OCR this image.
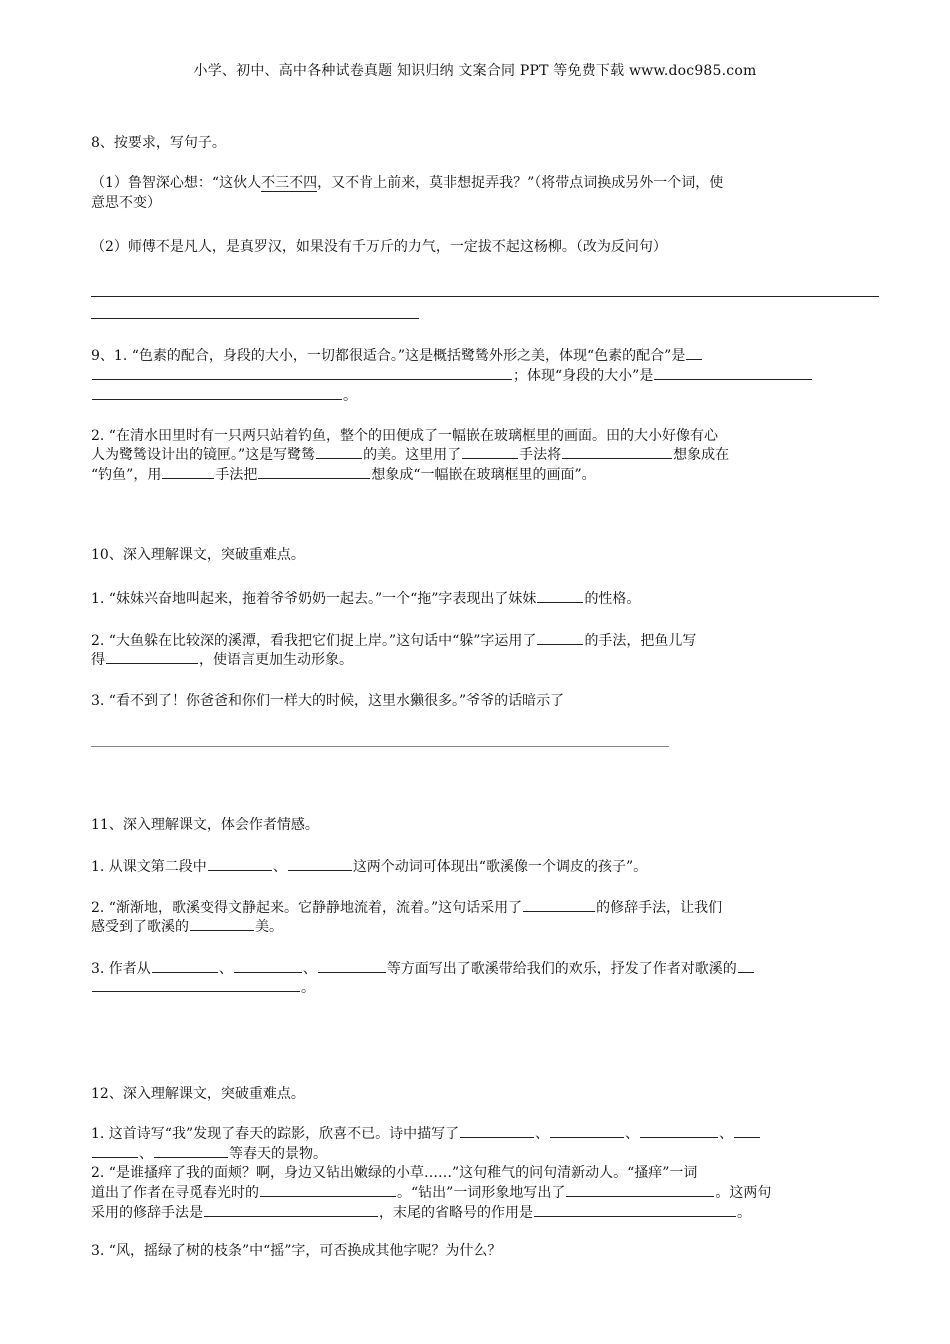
小学、初中、高中各种试卷真题 知识归纳 文案合同 PPT 等免费下载 www.doc985.com
8、按要求，写句子。
（1）鲁智深心想：“这伙人不三不四，又不肯上前来，莫非想捉弄我？”（将带点词换成另外一个词，使
意思不变）
（2）师傅不是凡人，是真罗汉，如果没有千万斤的力气，一定拔不起这杨柳。（改为反问句）
9、1. “色素的配合，身段的大小，一切都很适合。”这是概括鹭鸶外形之美，体现“色素的配合”是
；体现“身段的大小”是
。
2. “在清水田里时有一只两只站着钓鱼，整个的田便成了一幅嵌在玻璃框里的画面。田的大小好像有心
人为鹭鸶设计出的镜匣。”这是写鹭鸶	的美。这里用了	手法将	想象成在
“钓鱼”，用	手法把	想象成“一幅嵌在玻璃框里的画面”。
10、深入理解课文，突破重难点。
1. “妹妹兴奋地叫起来，拖着爷爷奶奶一起去。”一个“拖”字表现出了妹妹	的性格。
2. “大鱼躲在比较深的溪潭，看我把它们捉上岸。”这句话中“躲”字运用了	的手法，把鱼儿写
得	，使语言更加生动形象。
3. “看不到了！你爸爸和你们一样大的时候，这里水獭很多。”爷爷的话暗示了
11、深入理解课文，体会作者情感。
1. 从课文第二段中	、	这两个动词可体现出“歌溪像一个调皮的孩子”。
2. “渐渐地，歌溪变得文静起来。它静静地流着，流着。”这句话采用了	的修辞手法，让我们
感受到了歌溪的	美。
3. 作者从	、	、	等方面写出了歌溪带给我们的欢乐，抒发了作者对歌溪的
。
12、深入理解课文，突破重难点。
1. 这首诗写“我”发现了春天的踪影，欣喜不已。诗中描写了	、	、	、
、	等春天的景物。
2. “是谁搔痒了我的面颊？啊，身边又钻出嫩绿的小草……”这句稚气的问句清新动人。“搔痒”一词
道出了作者在寻觅春光时的	。“钻出”一词形象地写出了	。这两句
采用的修辞手法是	，末尾的省略号的作用是	。
3. “风，摇绿了树的枝条”中“摇”字，可否换成其他字呢？为什么？
